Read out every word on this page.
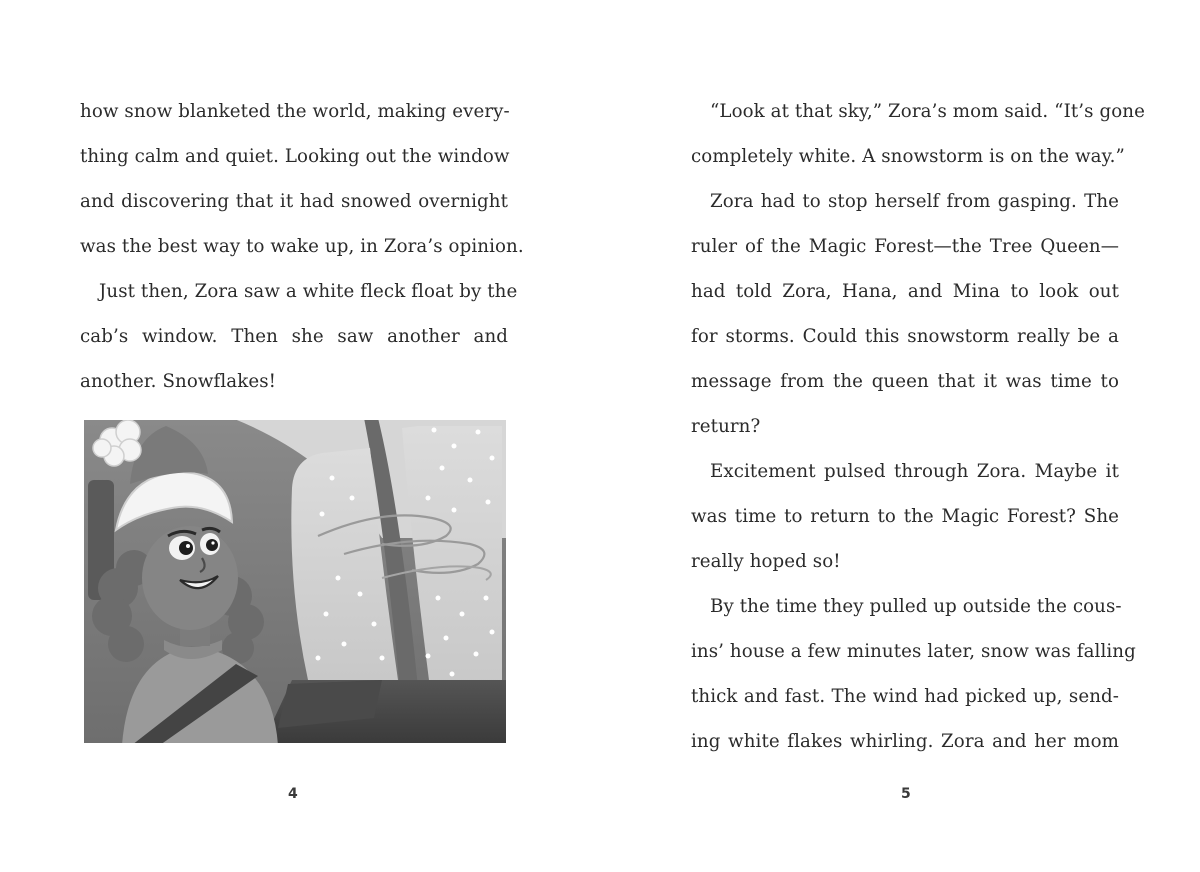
how snow blanketed the world, making every-
thing calm and quiet. Looking out the window
and discovering that it had snowed overnight
was the best way to wake up, in Zora’s opinion.
Just then, Zora saw a white fleck float by the
cab’s window. Then she saw another and
another. Snowflakes!
4
“Look at that sky,” Zora’s mom said. “It’s gone
completely white. A snowstorm is on the way.”
Zora had to stop herself from gasping. The
ruler of the Magic Forest—the Tree Queen—
had told Zora, Hana, and Mina to look out
for storms. Could this snowstorm really be a
message from the queen that it was time to
return?
Excitement pulsed through Zora. Maybe it
was time to return to the Magic Forest? She
really hoped so!
By the time they pulled up outside the cous-
ins’ house a few minutes later, snow was falling
thick and fast. The wind had picked up, send-
ing white flakes whirling. Zora and her mom
5
